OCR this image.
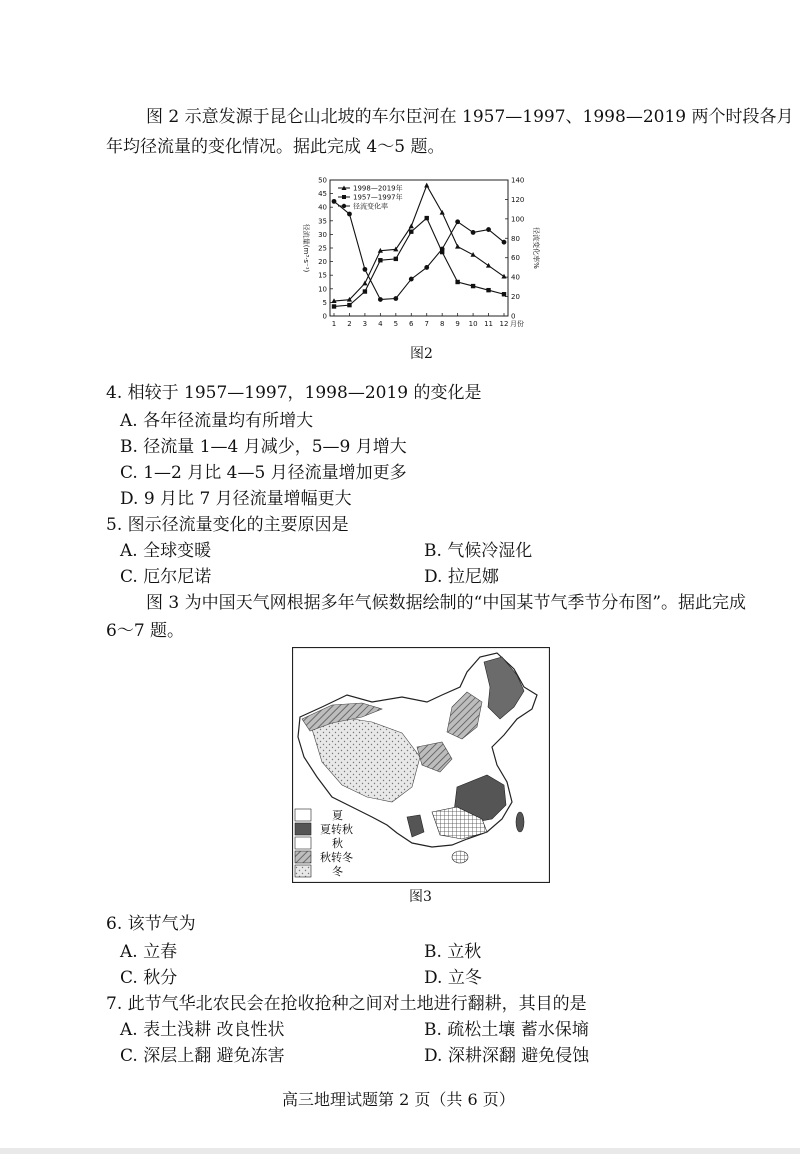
图 2 示意发源于昆仑山北坡的车尔臣河在 1957—1997、1998—2019 两个时段各月
年均径流量的变化情况。据此完成 4～5 题。
0
5
10
15
20
25
30
35
40
45
50
0
20
40
60
80
100
120
140
1 2 3 4 5 6 7 8 9 10 11 12 月份
径流量(m³·s⁻¹)	径流变化率%
1998—2019年
1957—1997年
径流变化率
图2
4. 相较于 1957—1997，1998—2019 的变化是
A. 各年径流量均有所增大
B. 径流量 1—4 月减少，5—9 月增大
C. 1—2 月比 4—5 月径流量增加更多
D. 9 月比 7 月径流量增幅更大
5. 图示径流量变化的主要原因是
A. 全球变暖	B. 气候冷湿化
C. 厄尔尼诺	D. 拉尼娜
图 3 为中国天气网根据多年气候数据绘制的“中国某节气季节分布图”。据此完成
6～7 题。
夏
夏转秋
秋
秋转冬
冬
图3
6. 该节气为
A. 立春	B. 立秋
C. 秋分	D. 立冬
7. 此节气华北农民会在抢收抢种之间对土地进行翻耕，其目的是
A. 表土浅耕 改良性状	B. 疏松土壤 蓄水保墒
C. 深层上翻 避免冻害	D. 深耕深翻 避免侵蚀
高三地理试题第 2 页（共 6 页）
